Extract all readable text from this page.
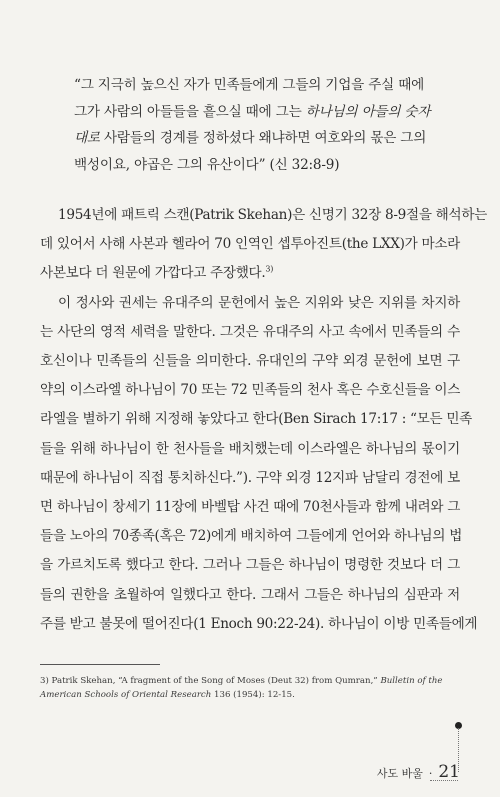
“그 지극히 높으신 자가 민족들에게 그들의 기업을 주실 때에

그가 사람의 아들들을 흩으실 때에 그는 하나님의 아들의 숫자

대로 사람들의 경계를 정하셨다 왜냐하면 여호와의 몫은 그의

백성이요, 야곱은 그의 유산이다” (신 32:8-9)

1954년에 패트릭 스캔(Patrik Skehan)은 신명기 32장 8-9절을 해석하는
데 있어서 사해 사본과 헬라어 70 인역인 셉투아진트(the LXX)가 마소라
사본보다 더 원문에 가깝다고 주장했다.$^{3)}$
이 정사와 권세는 유대주의 문헌에서 높은 지위와 낮은 지위를 차지하
는 사단의 영적 세력을 말한다. 그것은 유대주의 사고 속에서 민족들의 수
호신이나 민족들의 신들을 의미한다. 유대인의 구약 외경 문헌에 보면 구
약의 이스라엘 하나님이 70 또는 72 민족들의 천사 혹은 수호신들을 이스
라엘을 별하기 위해 지정해 놓았다고 한다(Ben Sirach 17:17 : “모든 민족
들을 위해 하나님이 한 천사들을 배치했는데 이스라엘은 하나님의 몫이기
때문에 하나님이 직접 통치하신다.”). 구약 외경 12지파 남달리 경전에 보
면 하나님이 창세기 11장에 바벨탑 사건 때에 70천사들과 함께 내려와 그
들을 노아의 70종족(혹은 72)에게 배치하여 그들에게 언어와 하나님의 법
을 가르치도록 했다고 한다. 그러나 그들은 하나님이 명령한 것보다 더 그
들의 권한을 초월하여 일했다고 한다. 그래서 그들은 하나님의 심판과 저
주를 받고 불못에 떨어진다(1 Enoch 90:22-24). 하나님이 이방 민족들에게
3) Patrik Skehan, “A fragment of the Song of Moses (Deut 32) from Qumran,” Bulletin of the American Schools of Oriental Research 136 (1954): 12-15.
사도 바울 · 21
